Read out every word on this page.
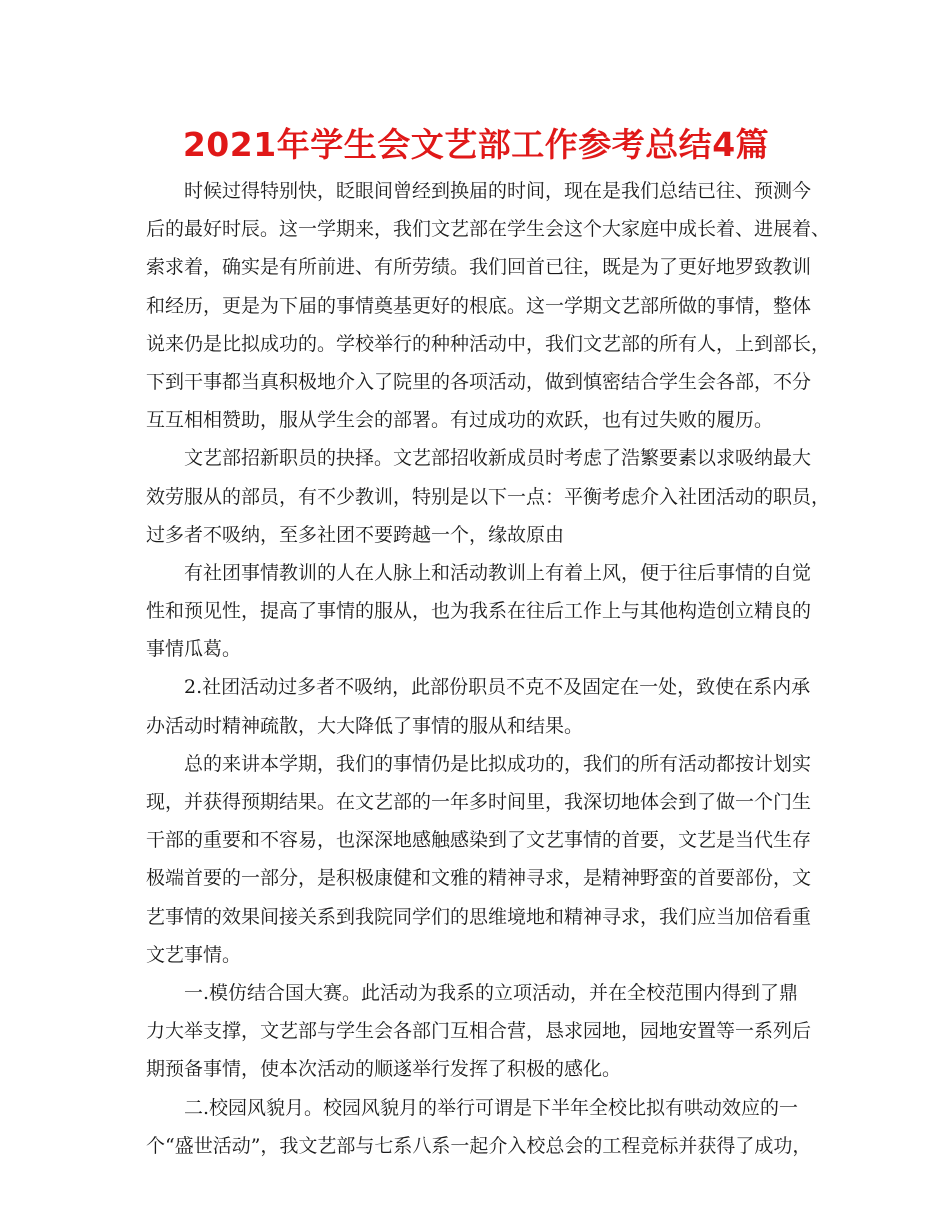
2021年学生会文艺部工作参考总结4篇

时候过得特别快，眨眼间曾经到换届的时间，现在是我们总结已往、预测今
后的最好时辰。这一学期来，我们文艺部在学生会这个大家庭中成长着、进展着、
索求着，确实是有所前进、有所劳绩。我们回首已往，既是为了更好地罗致教训
和经历，更是为下届的事情奠基更好的根底。这一学期文艺部所做的事情，整体
说来仍是比拟成功的。学校举行的种种活动中，我们文艺部的所有人，上到部长，
下到干事都当真积极地介入了院里的各项活动，做到慎密结合学生会各部，不分
互互相相赞助，服从学生会的部署。有过成功的欢跃，也有过失败的履历。

文艺部招新职员的抉择。文艺部招收新成员时考虑了浩繁要素以求吸纳最大
效劳服从的部员，有不少教训，特别是以下一点：平衡考虑介入社团活动的职员，
过多者不吸纳，至多社团不要跨越一个，缘故原由

有社团事情教训的人在人脉上和活动教训上有着上风，便于往后事情的自觉
性和预见性，提高了事情的服从，也为我系在往后工作上与其他构造创立精良的
事情瓜葛。

2.社团活动过多者不吸纳，此部份职员不克不及固定在一处，致使在系内承
办活动时精神疏散，大大降低了事情的服从和结果。

总的来讲本学期，我们的事情仍是比拟成功的，我们的所有活动都按计划实
现，并获得预期结果。在文艺部的一年多时间里，我深切地体会到了做一个门生
干部的重要和不容易，也深深地感触感染到了文艺事情的首要，文艺是当代生存
极端首要的一部分，是积极康健和文雅的精神寻求，是精神野蛮的首要部份，文
艺事情的效果间接关系到我院同学们的思维境地和精神寻求，我们应当加倍看重
文艺事情。

一.模仿结合国大赛。此活动为我系的立项活动，并在全校范围内得到了鼎
力大举支撑，文艺部与学生会各部门互相合营，恳求园地，园地安置等一系列后
期预备事情，使本次活动的顺遂举行发挥了积极的感化。

二.校园风貌月。校园风貌月的举行可谓是下半年全校比拟有哄动效应的一
个“盛世活动”，我文艺部与七系八系一起介入校总会的工程竞标并获得了成功，
